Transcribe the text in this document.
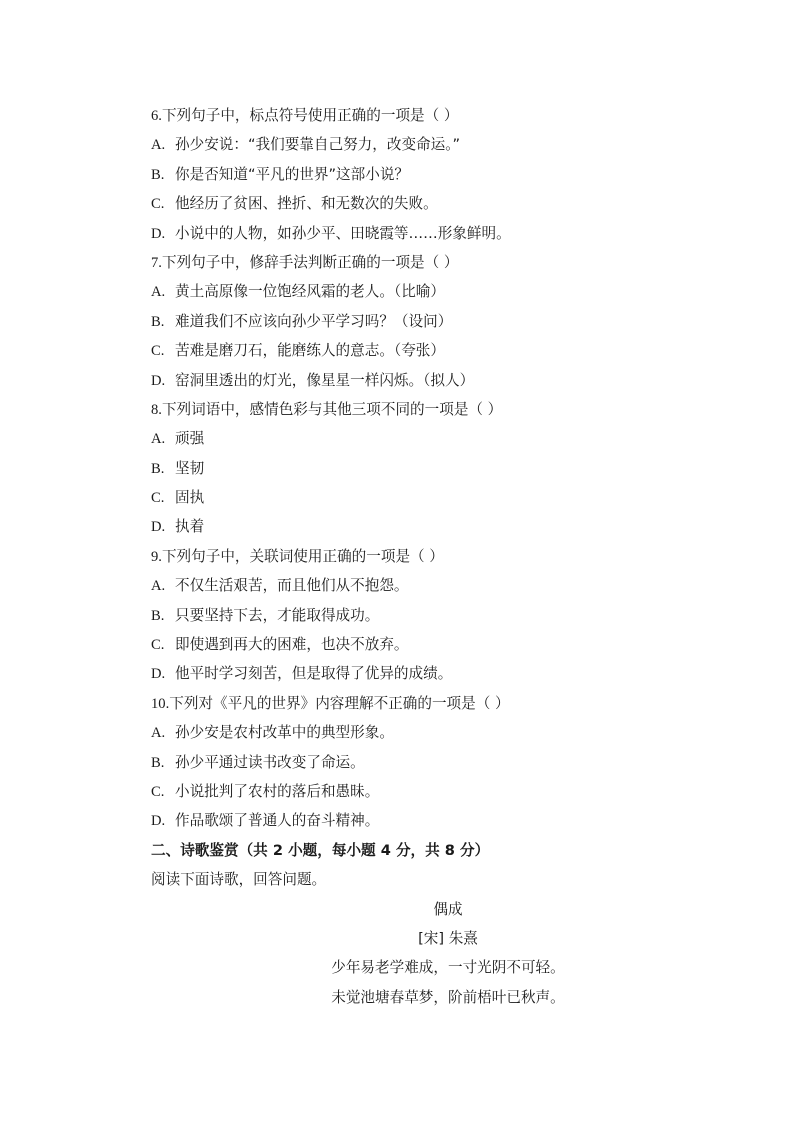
6.下列句子中，标点符号使用正确的一项是（ ）
A. 孙少安说：“我们要靠自己努力，改变命运。”
B. 你是否知道“平凡的世界”这部小说？
C. 他经历了贫困、挫折、和无数次的失败。
D. 小说中的人物，如孙少平、田晓霞等……形象鲜明。
7.下列句子中，修辞手法判断正确的一项是（ ）
A. 黄土高原像一位饱经风霜的老人。（比喻）
B. 难道我们不应该向孙少平学习吗？（设问）
C. 苦难是磨刀石，能磨练人的意志。（夸张）
D. 窑洞里透出的灯光，像星星一样闪烁。（拟人）
8.下列词语中，感情色彩与其他三项不同的一项是（ ）
A. 顽强
B. 坚韧
C. 固执
D. 执着
9.下列句子中，关联词使用正确的一项是（ ）
A. 不仅生活艰苦，而且他们从不抱怨。
B. 只要坚持下去，才能取得成功。
C. 即使遇到再大的困难，也决不放弃。
D. 他平时学习刻苦，但是取得了优异的成绩。
10.下列对《平凡的世界》内容理解不正确的一项是（ ）
A. 孙少安是农村改革中的典型形象。
B. 孙少平通过读书改变了命运。
C. 小说批判了农村的落后和愚昧。
D. 作品歌颂了普通人的奋斗精神。
二、诗歌鉴赏（共 2 小题，每小题 4 分，共 8 分）
阅读下面诗歌，回答问题。
偶成
[宋] 朱熹
少年易老学难成，一寸光阴不可轻。
未觉池塘春草梦，阶前梧叶已秋声。
